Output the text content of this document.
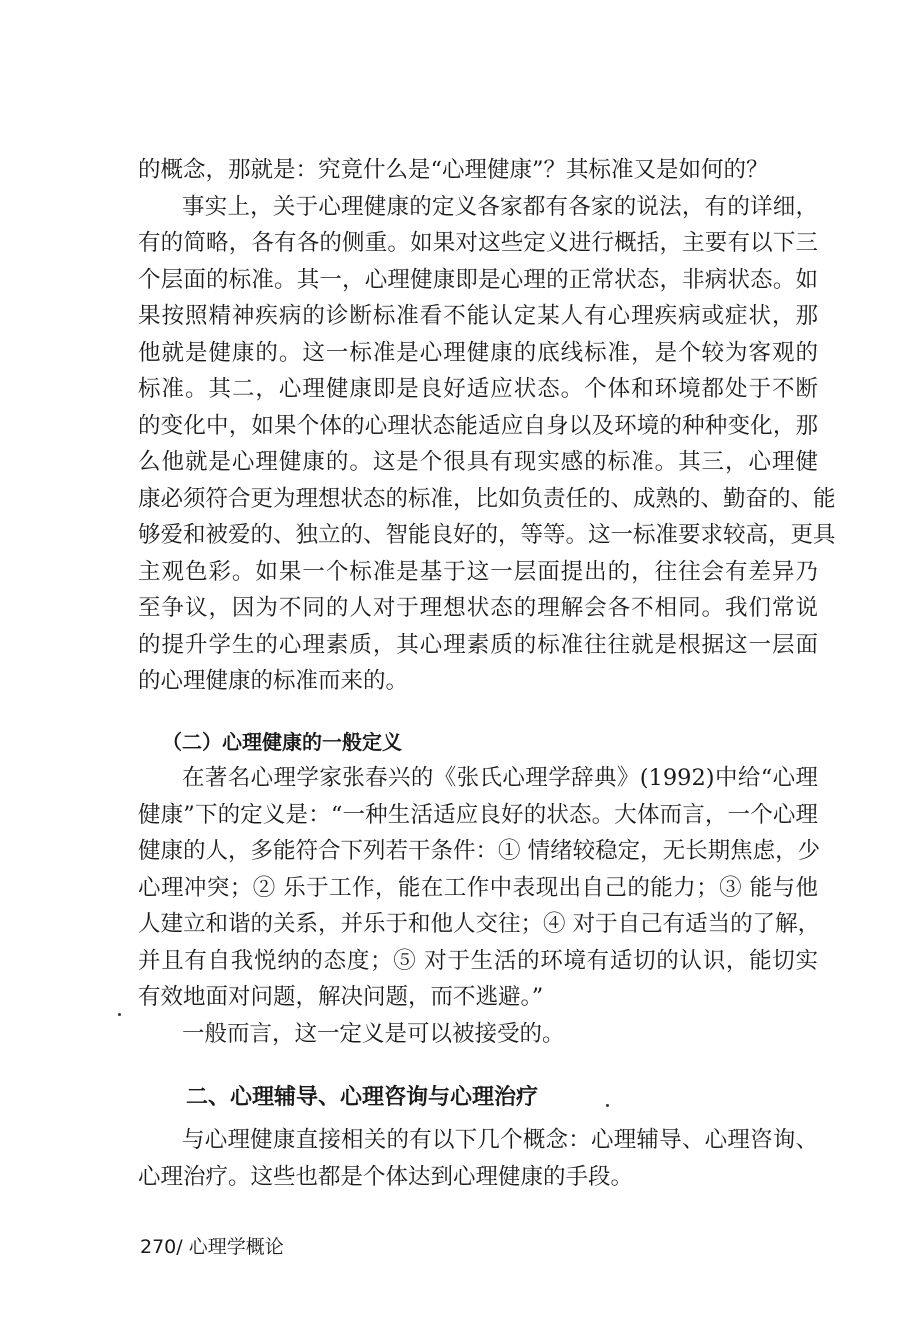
的概念，那就是：究竟什么是“心理健康”？其标准又是如何的？
事实上，关于心理健康的定义各家都有各家的说法，有的详细，
有的简略，各有各的侧重。如果对这些定义进行概括，主要有以下三
个层面的标准。其一，心理健康即是心理的正常状态，非病状态。如
果按照精神疾病的诊断标准看不能认定某人有心理疾病或症状，那
他就是健康的。这一标准是心理健康的底线标准，是个较为客观的
标准。其二，心理健康即是良好适应状态。个体和环境都处于不断
的变化中，如果个体的心理状态能适应自身以及环境的种种变化，那
么他就是心理健康的。这是个很具有现实感的标准。其三，心理健
康必须符合更为理想状态的标准，比如负责任的、成熟的、勤奋的、能
够爱和被爱的、独立的、智能良好的，等等。这一标准要求较高，更具
主观色彩。如果一个标准是基于这一层面提出的，往往会有差异乃
至争议，因为不同的人对于理想状态的理解会各不相同。我们常说
的提升学生的心理素质，其心理素质的标准往往就是根据这一层面
的心理健康的标准而来的。
（二）心理健康的一般定义
在著名心理学家张春兴的《张氏心理学辞典》(1992)中给“心理
健康”下的定义是：“一种生活适应良好的状态。大体而言，一个心理
健康的人，多能符合下列若干条件：① 情绪较稳定，无长期焦虑，少
心理冲突；② 乐于工作，能在工作中表现出自己的能力；③ 能与他
人建立和谐的关系，并乐于和他人交往；④ 对于自己有适当的了解，
并且有自我悦纳的态度；⑤ 对于生活的环境有适切的认识，能切实
有效地面对问题，解决问题，而不逃避。”
一般而言，这一定义是可以被接受的。
二、心理辅导、心理咨询与心理治疗
与心理健康直接相关的有以下几个概念：心理辅导、心理咨询、
心理治疗。这些也都是个体达到心理健康的手段。
270/ 心理学概论
